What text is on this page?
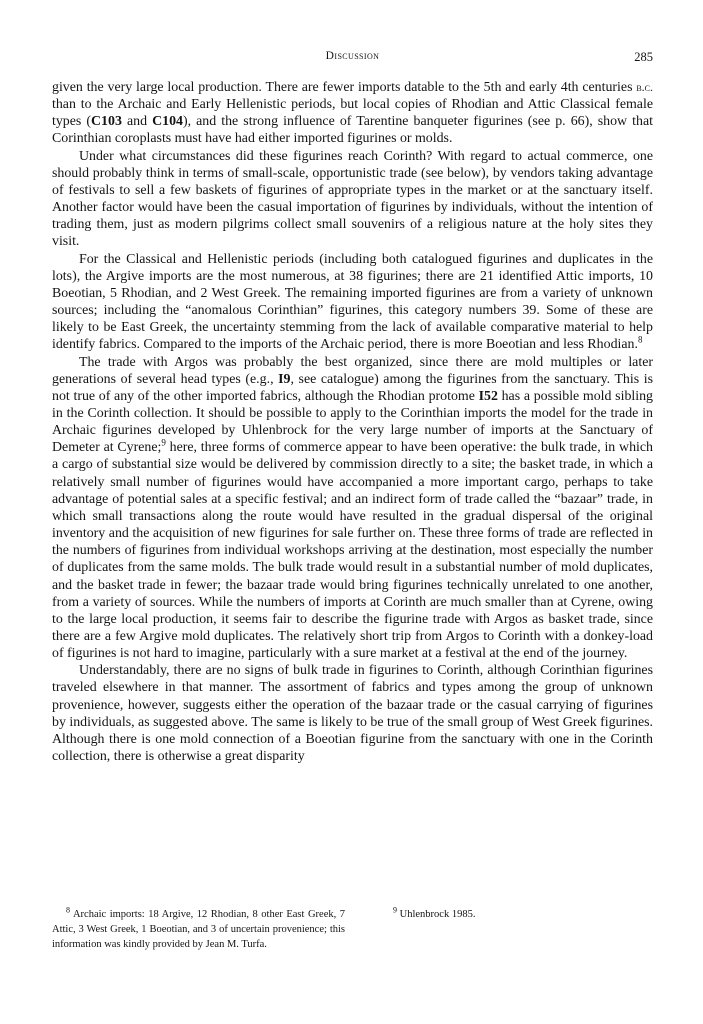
Discussion	285

given the very large local production. There are fewer imports datable to the 5th and early 4th centuries b.c. than to the Archaic and Early Hellenistic periods, but local copies of Rhodian and Attic Classical female types (C103 and C104), and the strong influence of Tarentine banqueter figurines (see p. 66), show that Corinthian coroplasts must have had either imported figurines or molds.

Under what circumstances did these figurines reach Corinth? With regard to actual commerce, one should probably think in terms of small-scale, opportunistic trade (see below), by vendors taking advantage of festivals to sell a few baskets of figurines of appropriate types in the market or at the sanctuary itself. Another factor would have been the casual importation of figurines by individuals, without the intention of trading them, just as modern pilgrims collect small souvenirs of a religious nature at the holy sites they visit.

For the Classical and Hellenistic periods (including both catalogued figurines and duplicates in the lots), the Argive imports are the most numerous, at 38 figurines; there are 21 identified Attic imports, 10 Boeotian, 5 Rhodian, and 2 West Greek. The remaining imported figurines are from a variety of unknown sources; including the “anomalous Corinthian” figurines, this category numbers 39. Some of these are likely to be East Greek, the uncertainty stemming from the lack of available comparative material to help identify fabrics. Compared to the imports of the Archaic period, there is more Boeotian and less Rhodian.$^8$

The trade with Argos was probably the best organized, since there are mold multiples or later generations of several head types (e.g., I9, see catalogue) among the figurines from the sanctuary. This is not true of any of the other imported fabrics, although the Rhodian protome I52 has a possible mold sibling in the Corinth collection. It should be possible to apply to the Corinthian imports the model for the trade in Archaic figurines developed by Uhlenbrock for the very large number of imports at the Sanctuary of Demeter at Cyrene;$^9$ here, three forms of commerce appear to have been operative: the bulk trade, in which a cargo of substantial size would be delivered by commission directly to a site; the basket trade, in which a relatively small number of figurines would have accompanied a more important cargo, perhaps to take advantage of potential sales at a specific festival; and an indirect form of trade called the “bazaar” trade, in which small transactions along the route would have resulted in the gradual dispersal of the original inventory and the acquisition of new figurines for sale further on. These three forms of trade are reflected in the numbers of figurines from individual workshops arriving at the destination, most especially the number of duplicates from the same molds. The bulk trade would result in a substantial number of mold duplicates, and the basket trade in fewer; the bazaar trade would bring figurines technically unrelated to one another, from a variety of sources. While the numbers of imports at Corinth are much smaller than at Cyrene, owing to the large local production, it seems fair to describe the figurine trade with Argos as basket trade, since there are a few Argive mold duplicates. The relatively short trip from Argos to Corinth with a donkey-load of figurines is not hard to imagine, particularly with a sure market at a festival at the end of the journey.

Understandably, there are no signs of bulk trade in figurines to Corinth, although Corinthian figurines traveled elsewhere in that manner. The assortment of fabrics and types among the group of unknown provenience, however, suggests either the operation of the bazaar trade or the casual carrying of figurines by individuals, as suggested above. The same is likely to be true of the small group of West Greek figurines. Although there is one mold connection of a Boeotian figurine from the sanctuary with one in the Corinth collection, there is otherwise a great disparity

$^8$ Archaic imports: 18 Argive, 12 Rhodian, 8 other East Greek, 7 Attic, 3 West Greek, 1 Boeotian, and 3 of uncertain provenience; this information was kindly provided by Jean M. Turfa.
$^9$ Uhlenbrock 1985.
